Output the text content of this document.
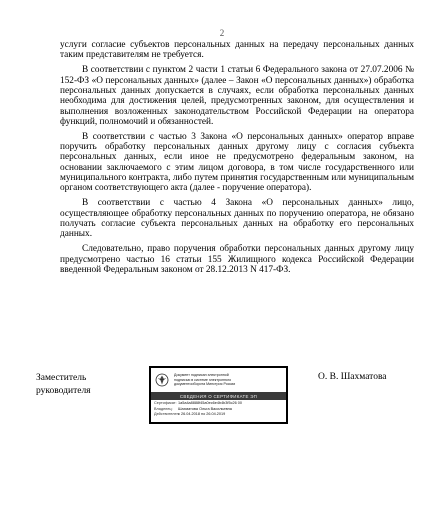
2

услуги согласие субъектов персональных данных на передачу персональных данных таким представителям не требуется.

В соответствии с пунктом 2 части 1 статьи 6 Федерального закона от 27.07.2006 № 152-ФЗ «О персональных данных» (далее – Закон «О персональных данных») обработка персональных данных допускается в случаях, если обработка персональных данных необходима для достижения целей, предусмотренных законом, для осуществления и выполнения возложенных законодательством Российской Федерации на оператора функций, полномочий и обязанностей.

В соответствии с частью 3 Закона «О персональных данных» оператор вправе поручить обработку персональных данных другому лицу с согласия субъекта персональных данных, если иное не предусмотрено федеральным законом, на основании заключаемого с этим лицом договора, в том числе государственного или муниципального контракта, либо путем принятия государственным или муниципальным органом соответствующего акта (далее - поручение оператора).

В соответствии с частью 4 Закона «О персональных данных» лицо, осуществляющее обработку персональных данных по поручению оператора, не обязано получать согласие субъекта персональных данных на обработку его персональных данных.

Следовательно, право поручения обработки персональных данных другому лицу предусмотрено частью 16 статьи 155 Жилищного кодекса Российской Федерации введенной Федеральным законом от 28.12.2013 N 417-ФЗ.

Заместитель
руководителя
О. В. Шахматова
Документ подписан электронной
подписью в системе электронного
документооборота Минстроя России
СВЕДЕНИЯ О СЕРТИФИКАТЕ ЭП
Сертификат: 1a5a4a8888f45a0ec6e4b4b3f5c26 00
Владелец:	Шахматова Ольга Васильевна
Действителен:
с 26.04.2018 по 26.04.2019
